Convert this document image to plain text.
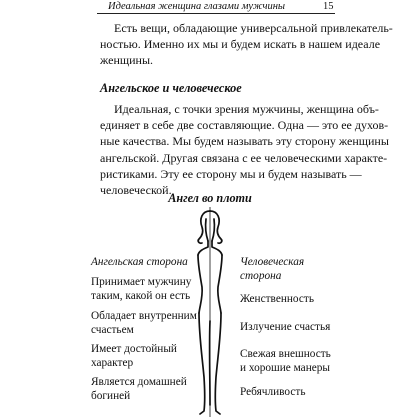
Идеальная женщина глазами мужчины	15

Есть вещи, обладающие универсальной привлекатель-
ностью. Именно их мы и будем искать в нашем идеале
женщины.

Ангельское и человеческое

Идеальная, с точки зрения мужчины, женщина объ-
единяет в себе две составляющие. Одна — это ее духов-
ные качества. Мы будем называть эту сторону женщины
ангельской. Другая связана с ее человеческими характе-
ристиками. Эту ее сторону мы и будем называть —
человеческой.

Ангел во плоти
Ангельская сторона
Принимает мужчину
таким, какой он есть
Обладает внутренним
счастьем
Имеет достойный
характер
Является домашней
богиней
Человеческая
сторона
Женственность
Излучение счастья
Свежая внешность
и хорошие манеры
Ребячливость
